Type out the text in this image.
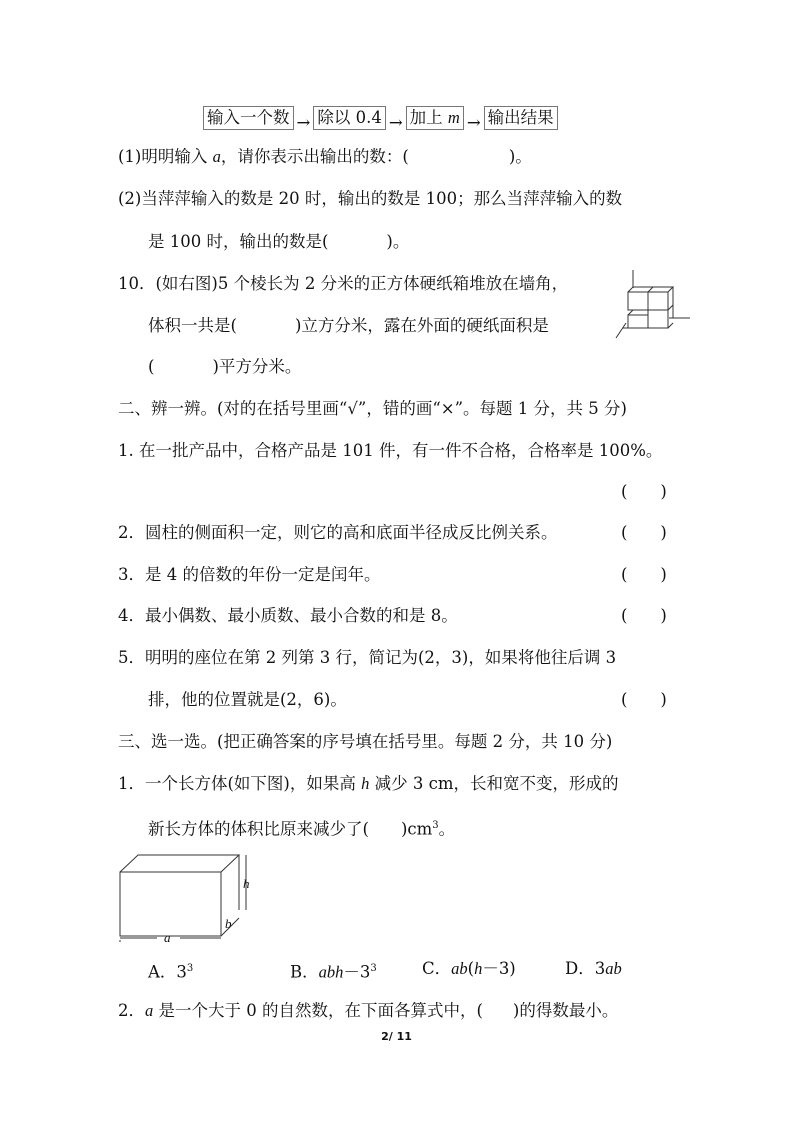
输入一个数 → 除以 0.4 → 加上 m → 输出结果
(1)明明输入 a，请你表示出输出的数：(	)。
(2)当萍萍输入的数是 20 时，输出的数是 100；那么当萍萍输入的数
是 100 时，输出的数是(	)。
10．(如右图)5 个棱长为 2 分米的正方体硬纸箱堆放在墙角，
体积一共是(	)立方分米，露在外面的硬纸面积是
(	)平方分米。
二、辨一辨。(对的在括号里画“√”，错的画“×”。每题 1 分，共 5 分)
1. 在一批产品中，合格产品是 101 件，有一件不合格，合格率是 100%。
(　　)
2．圆柱的侧面积一定，则它的高和底面半径成反比例关系。	(　　)
3．是 4 的倍数的年份一定是闰年。	(　　)
4．最小偶数、最小质数、最小合数的和是 8。	(　　)
5．明明的座位在第 2 列第 3 行，简记为(2，3)，如果将他往后调 3
排，他的位置就是(2，6)。	(　　)
三、选一选。(把正确答案的序号填在括号里。每题 2 分，共 10 分)
1．一个长方体(如下图)，如果高 h 减少 3 cm，长和宽不变，形成的
新长方体的体积比原来减少了( )$cm^3$。
h
b
a
A．$3^3$	B．$abh-3^3$	C．ab(h－3)	D．3ab
2．a 是一个大于 0 的自然数，在下面各算式中，( )的得数最小。
2/ 11
